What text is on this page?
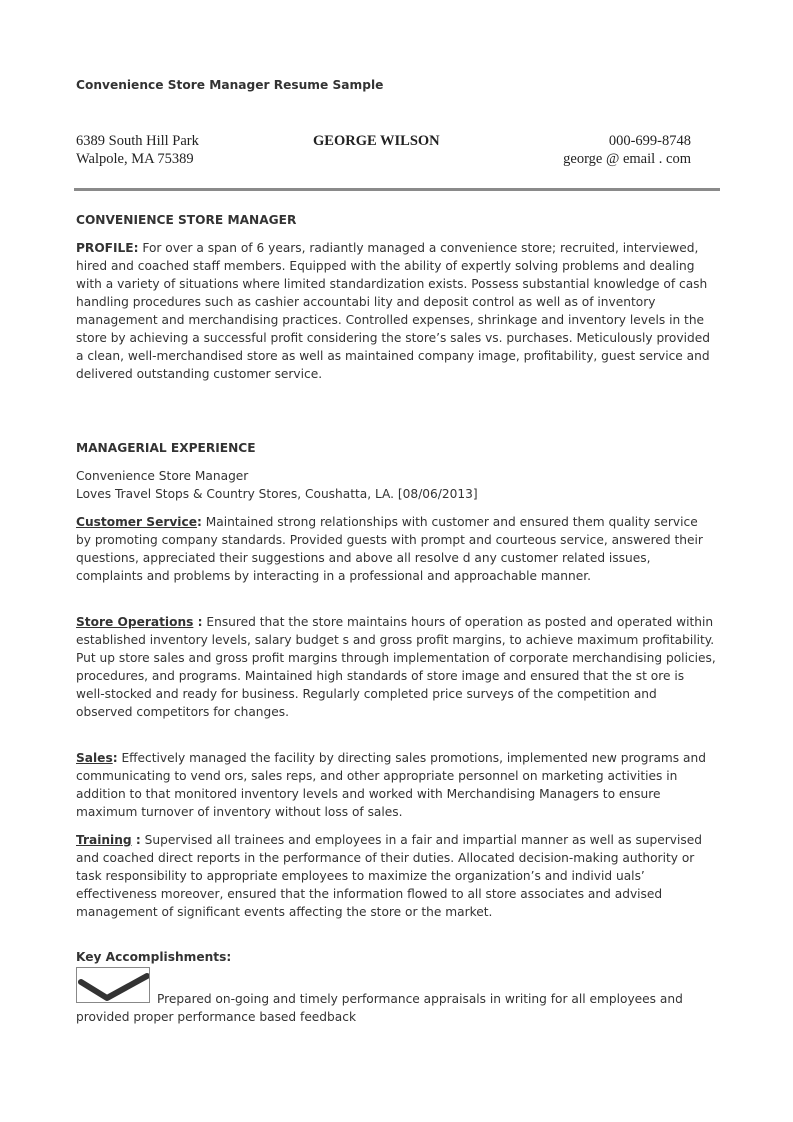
Convenience Store Manager Resume Sample
6389 South Hill Park
Walpole, MA 75389
GEORGE WILSON	000-699-8748
george @ email . com
CONVENIENCE STORE MANAGER
PROFILE: For over a span of 6 years, radiantly managed a convenience store; recruited, interviewed, hired and coached staff members. Equipped with the ability of expertly solving problems and dealing with a variety of situations where limited standardization exists. Possess substantial knowledge of cash handling procedures such as cashier accountabi lity and deposit control as well as of inventory management and merchandising practices. Controlled expenses, shrinkage and inventory levels in the store by achieving a successful profit considering the store’s sales vs. purchases. Meticulously provided a clean, well-merchandised store as well as maintained company image, profitability, guest service and delivered outstanding customer service.
MANAGERIAL EXPERIENCE
Convenience Store Manager
Loves Travel Stops & Country Stores, Coushatta, LA. [08/06/2013]
Customer Service: Maintained strong relationships with customer and ensured them quality service by promoting company standards. Provided guests with prompt and courteous service, answered their questions, appreciated their suggestions and above all resolve d any customer related issues, complaints and problems by interacting in a professional and approachable manner.
Store Operations : Ensured that the store maintains hours of operation as posted and operated within established inventory levels, salary budget s and gross profit margins, to achieve maximum profitability. Put up store sales and gross profit margins through implementation of corporate merchandising policies, procedures, and programs. Maintained high standards of store image and ensured that the st ore is well-stocked and ready for business. Regularly completed price surveys of the competition and observed competitors for changes.
Sales: Effectively managed the facility by directing sales promotions, implemented new programs and communicating to vend ors, sales reps, and other appropriate personnel on marketing activities in addition to that monitored inventory levels and worked with Merchandising Managers to ensure maximum turnover of inventory without loss of sales.
Training : Supervised all trainees and employees in a fair and impartial manner as well as supervised and coached direct reports in the performance of their duties. Allocated decision-making authority or task responsibility to appropriate employees to maximize the organization’s and individ uals’ effectiveness moreover, ensured that the information flowed to all store associates and advised management of significant events affecting the store or the market.
Key Accomplishments:
Prepared on-going and timely performance appraisals in writing for all employees and provided proper performance based feedback
